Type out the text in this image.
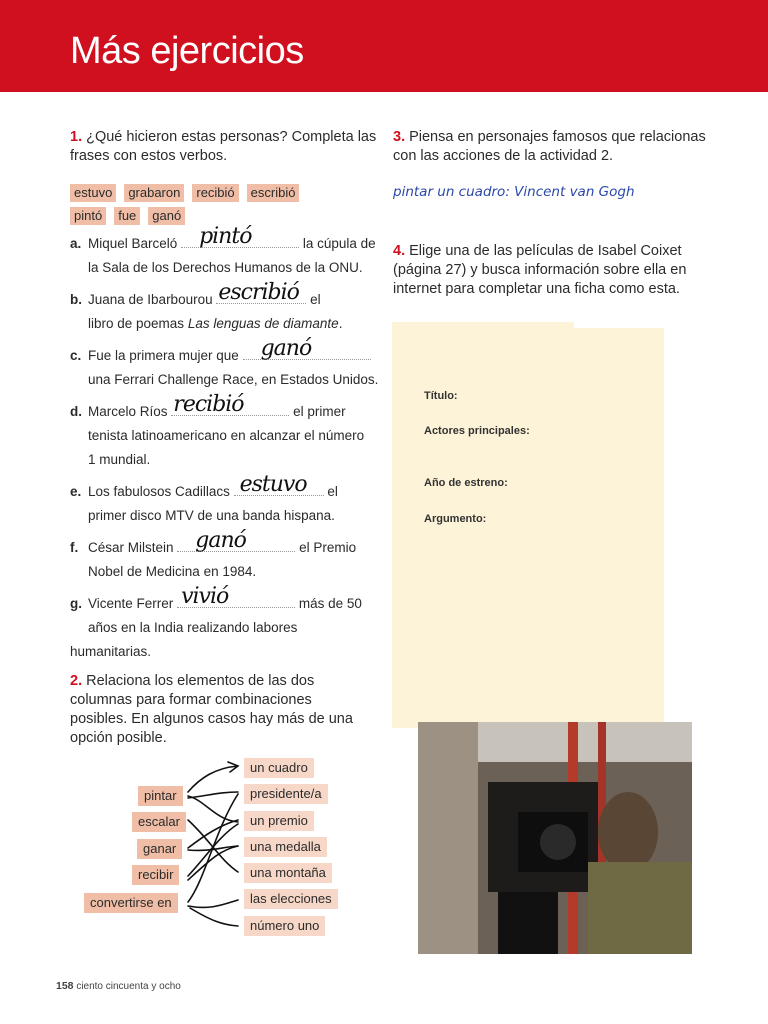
Más ejercicios
1. ¿Qué hicieron estas personas? Completa las frases con estos verbos.
estuvo grabaron recibió escribió
pintó fue ganó
a. Miquel Barceló pintó	la cúpula de
la Sala de los Derechos Humanos de la ONU.
b. Juana de Ibarbourou escribió el
libro de poemas Las lenguas de diamante.
c. Fue la primera mujer que ganó

una Ferrari Challenge Race, en Estados Unidos.
d. Marcelo Ríos recibió	el primer
tenista latinoamericano en alcanzar el número
1 mundial.
e. Los fabulosos Cadillacs estuvo el
primer disco MTV de una banda hispana.
f. César Milstein ganó	el Premio
Nobel de Medicina en 1984.
g. Vicente Ferrer vivió	más de 50
años en la India realizando labores humanitarias.
2. Relaciona los elementos de las dos columnas para formar combinaciones posibles. En algunos casos hay más de una opción posible.
pintar
escalar
ganar
recibir
convertirse en
un cuadro
presidente/a
un premio
una medalla
una montaña
las elecciones
número uno
3. Piensa en personajes famosos que relacionas con las acciones de la actividad 2.
pintar un cuadro: Vincent van Gogh
4. Elige una de las películas de Isabel Coixet (página 27) y busca información sobre ella en internet para completar una ficha como esta.
Título:
Actores principales:
Año de estreno:
Argumento:
158 ciento cincuenta y ocho
